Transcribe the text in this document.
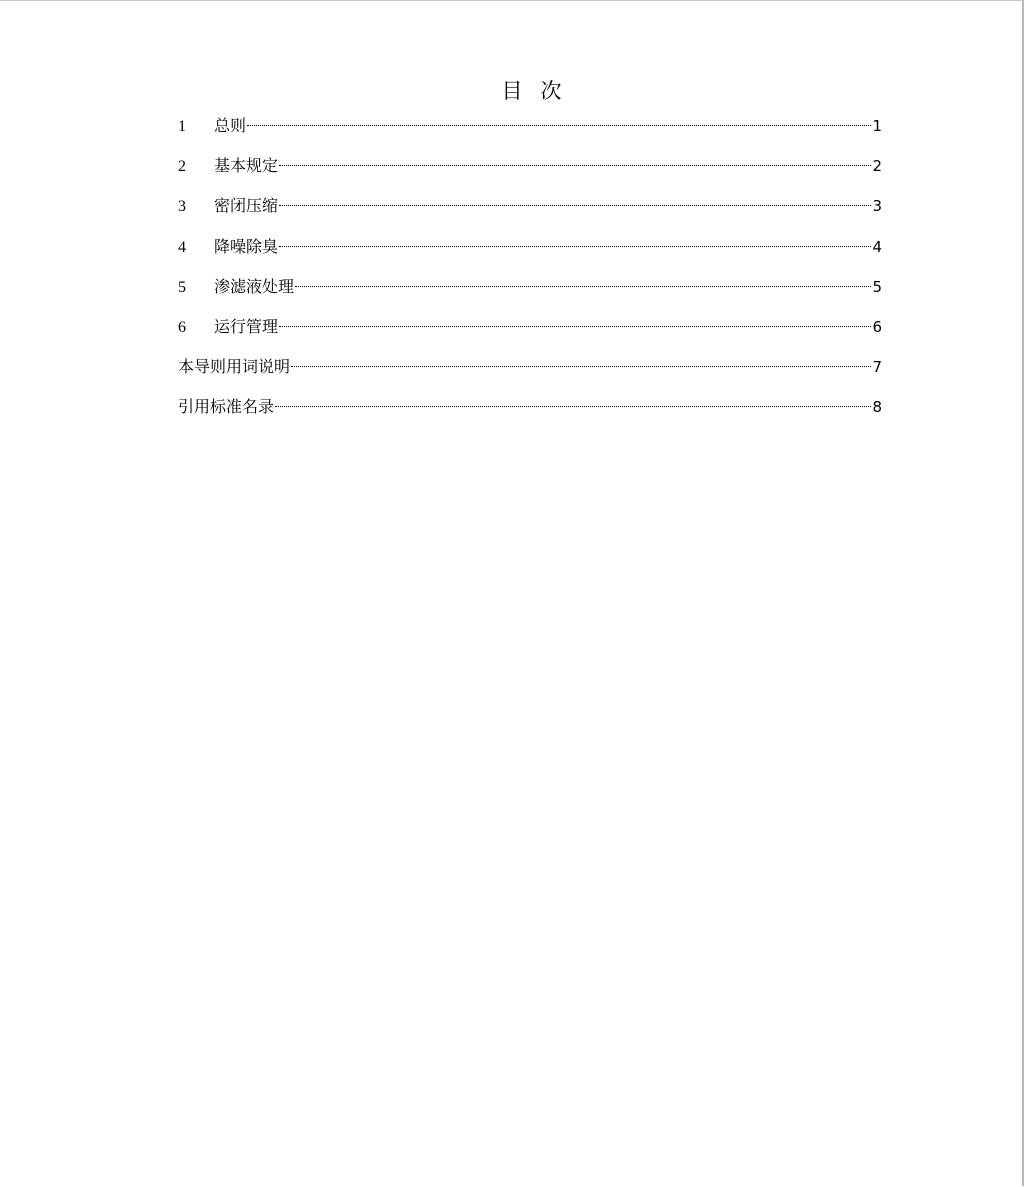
目 次
1	总则	1
2	基本规定	2
3	密闭压缩	3
4	降噪除臭	4
5	渗滤液处理	5
6	运行管理	6
本导则用词说明	7
引用标准名录	8
